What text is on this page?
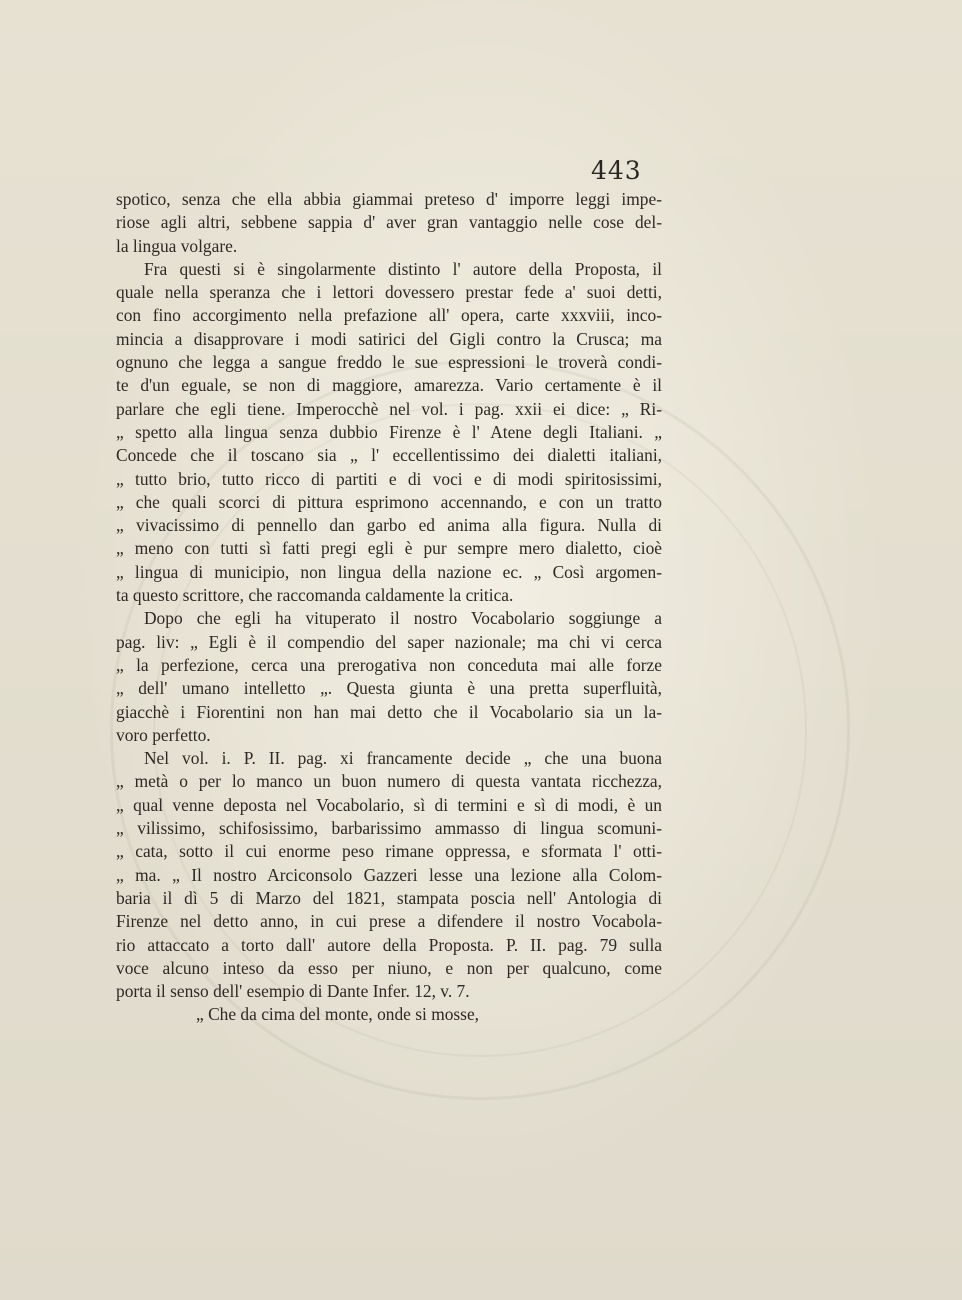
443
spotico, senza che ella abbia giammai preteso d' imporre leggi impe-
riose agli altri, sebbene sappia d' aver gran vantaggio nelle cose del-
la lingua volgare.
Fra questi si è singolarmente distinto l' autore della Proposta, il
quale nella speranza che i lettori dovessero prestar fede a' suoi detti,
con fino accorgimento nella prefazione all' opera, carte xxxviii, inco-
mincia a disapprovare i modi satirici del Gigli contro la Crusca; ma
ognuno che legga a sangue freddo le sue espressioni le troverà condi-
te d'un eguale, se non di maggiore, amarezza. Vario certamente è il
parlare che egli tiene. Imperocchè nel vol. i pag. xxii ei dice: „ Ri-
„ spetto alla lingua senza dubbio Firenze è l' Atene degli Italiani. „
Concede che il toscano sia „ l' eccellentissimo dei dialetti italiani,
„ tutto brio, tutto ricco di partiti e di voci e di modi spiritosissimi,
„ che quali scorci di pittura esprimono accennando, e con un tratto
„ vivacissimo di pennello dan garbo ed anima alla figura. Nulla di
„ meno con tutti sì fatti pregi egli è pur sempre mero dialetto, cioè
„ lingua di municipio, non lingua della nazione ec. „ Così argomen-
ta questo scrittore, che raccomanda caldamente la critica.
Dopo che egli ha vituperato il nostro Vocabolario soggiunge a
pag. liv: „ Egli è il compendio del saper nazionale; ma chi vi cerca
„ la perfezione, cerca una prerogativa non conceduta mai alle forze
„ dell' umano intelletto „. Questa giunta è una pretta superfluità,
giacchè i Fiorentini non han mai detto che il Vocabolario sia un la-
voro perfetto.
Nel vol. i. P. II. pag. xi francamente decide „ che una buona
„ metà o per lo manco un buon numero di questa vantata ricchezza,
„ qual venne deposta nel Vocabolario, sì di termini e sì di modi, è un
„ vilissimo, schifosissimo, barbarissimo ammasso di lingua scomuni-
„ cata, sotto il cui enorme peso rimane oppressa, e sformata l' otti-
„ ma. „ Il nostro Arciconsolo Gazzeri lesse una lezione alla Colom-
baria il dì 5 di Marzo del 1821, stampata poscia nell' Antologia di
Firenze nel detto anno, in cui prese a difendere il nostro Vocabola-
rio attaccato a torto dall' autore della Proposta. P. II. pag. 79 sulla
voce alcuno inteso da esso per niuno, e non per qualcuno, come
porta il senso dell' esempio di Dante Infer. 12, v. 7.
„ Che da cima del monte, onde si mosse,
